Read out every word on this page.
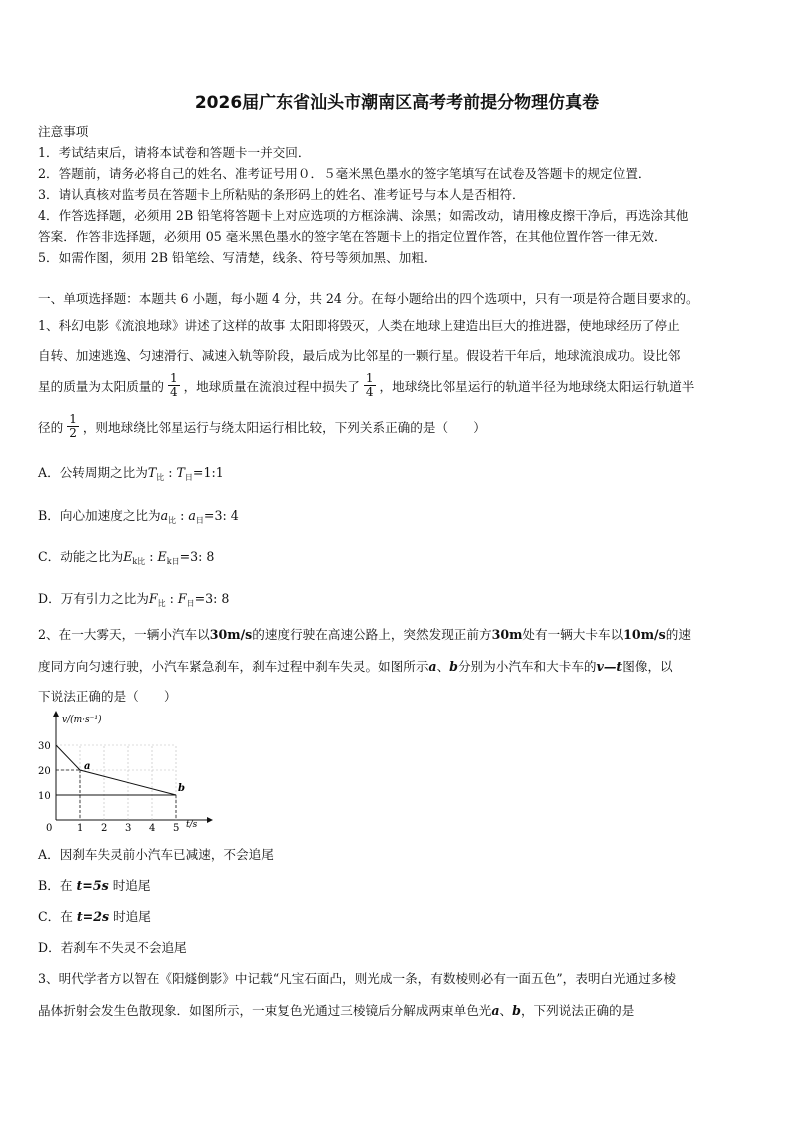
2026届广东省汕头市潮南区高考考前提分物理仿真卷
注意事项
1．考试结束后，请将本试卷和答题卡一并交回．
2．答题前，请务必将自己的姓名、准考证号用０．５毫米黑色墨水的签字笔填写在试卷及答题卡的规定位置．
3．请认真核对监考员在答题卡上所粘贴的条形码上的姓名、准考证号与本人是否相符．
4．作答选择题，必须用 2B 铅笔将答题卡上对应选项的方框涂满、涂黑；如需改动，请用橡皮擦干净后，再选涂其他
答案．作答非选择题，必须用 05 毫米黑色墨水的签字笔在答题卡上的指定位置作答，在其他位置作答一律无效．
5．如需作图，须用 2B 铅笔绘、写清楚，线条、符号等须加黑、加粗．
一、单项选择题：本题共 6 小题，每小题 4 分，共 24 分。在每小题给出的四个选项中，只有一项是符合题目要求的。
1、科幻电影《流浪地球》讲述了这样的故事 太阳即将毁灭，人类在地球上建造出巨大的推进器，使地球经历了停止
自转、加速逃逸、匀速滑行、减速入轨等阶段，最后成为比邻星的一颗行星。假设若干年后，地球流浪成功。设比邻
星的质量为太阳质量的 $\frac{1}{4}$ ，地球质量在流浪过程中损失了 $\frac{1}{4}$ ，地球绕比邻星运行的轨道半径为地球绕太阳运行轨道半
径的 $\frac{1}{2}$ ，则地球绕比邻星运行与绕太阳运行相比较，下列关系正确的是（　　）
A．公转周期之比为$T_比$ : $T_日=1:1$
B．向心加速度之比为$a_比$ : $a_日=3$: 4
C．动能之比为$E_{k比}$ : $E_{k日}=3$: 8
D．万有引力之比为$F_比$ : $F_日=3$: 8
2、在一大雾天，一辆小汽车以30m/s的速度行驶在高速公路上，突然发现正前方30m处有一辆大卡车以10m/s的速
度同方向匀速行驶，小汽车紧急刹车，刹车过程中刹车失灵。如图所示a、b分别为小汽车和大卡车的v—t图像，以
下说法正确的是（　　）
0 1 2 3 4 5
10
20
30
a
b
v/(m·s⁻¹)
t/s
A．因刹车失灵前小汽车已减速，不会追尾
B．在 t=5s 时追尾
C．在 t=2s 时追尾
D．若刹车不失灵不会追尾
3、明代学者方以智在《阳燧倒影》中记载“凡宝石面凸，则光成一条，有数棱则必有一面五色”，表明白光通过多棱
晶体折射会发生色散现象．如图所示，一束复色光通过三棱镜后分解成两束单色光a、b，下列说法正确的是
